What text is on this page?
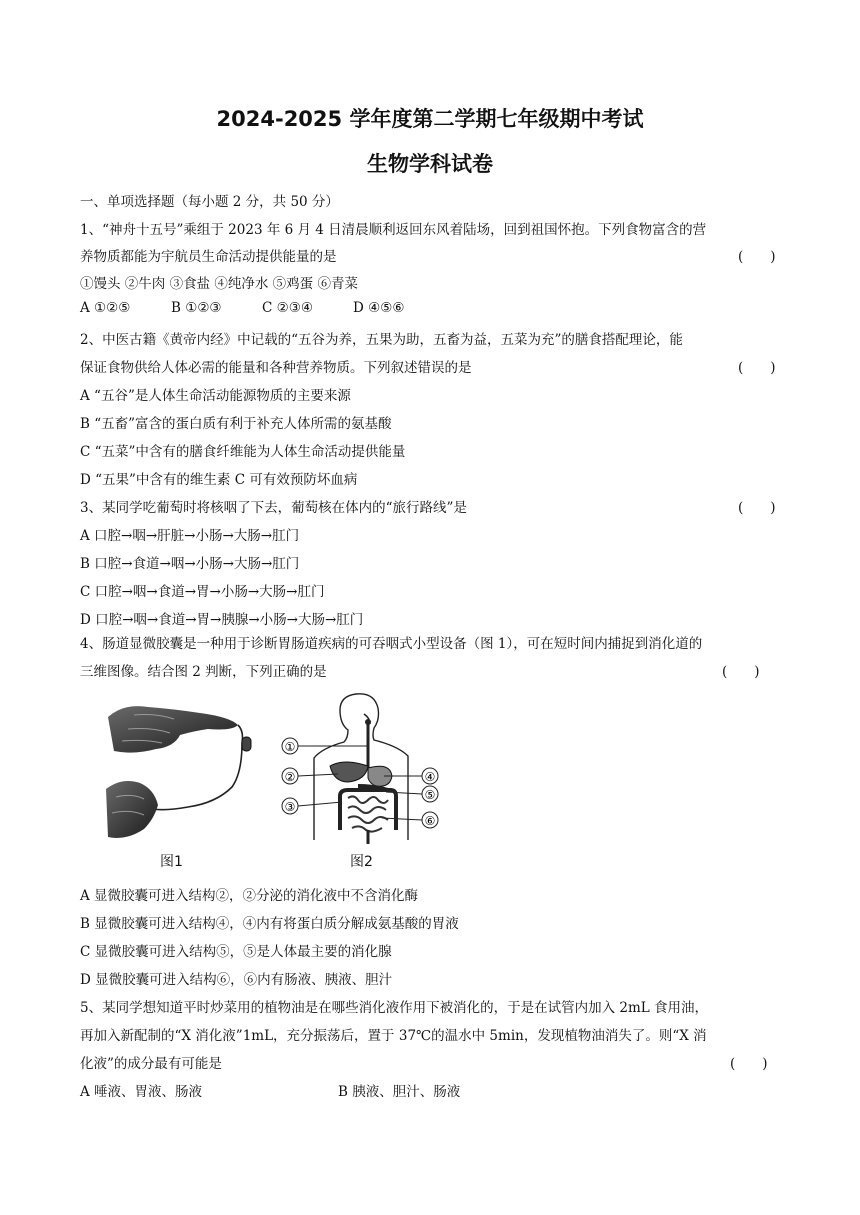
2024-2025 学年度第二学期七年级期中考试
生物学科试卷
一、单项选择题（每小题 2 分，共 50 分）
1、“神舟十五号”乘组于 2023 年 6 月 4 日清晨顺利返回东风着陆场，回到祖国怀抱。下列食物富含的营
养物质都能为宇航员生命活动提供能量的是	(　　)
①馒头 ②牛肉 ③食盐 ④纯净水 ⑤鸡蛋 ⑥青菜
A ①②⑤	B ①②③	C ②③④	D ④⑤⑥
2、中医古籍《黄帝内经》中记载的“五谷为养，五果为助，五畜为益，五菜为充”的膳食搭配理论，能
保证食物供给人体必需的能量和各种营养物质。下列叙述错误的是	(　　)
A “五谷”是人体生命活动能源物质的主要来源
B “五畜”富含的蛋白质有利于补充人体所需的氨基酸
C “五菜”中含有的膳食纤维能为人体生命活动提供能量
D “五果”中含有的维生素 C 可有效预防坏血病
3、某同学吃葡萄时将核咽了下去，葡萄核在体内的“旅行路线”是	(　　)
A 口腔→咽→肝脏→小肠→大肠→肛门
B 口腔→食道→咽→小肠→大肠→肛门
C 口腔→咽→食道→胃→小肠→大肠→肛门
D 口腔→咽→食道→胃→胰腺→小肠→大肠→肛门
4、肠道显微胶囊是一种用于诊断胃肠道疾病的可吞咽式小型设备（图 1），可在短时间内捕捉到消化道的
三维图像。结合图 2 判断，下列正确的是	(　　)
①
②
③
④
⑤
⑥
图1	图2
A 显微胶囊可进入结构②，②分泌的消化液中不含消化酶
B 显微胶囊可进入结构④，④内有将蛋白质分解成氨基酸的胃液
C 显微胶囊可进入结构⑤，⑤是人体最主要的消化腺
D 显微胶囊可进入结构⑥，⑥内有肠液、胰液、胆汁
5、某同学想知道平时炒菜用的植物油是在哪些消化液作用下被消化的，于是在试管内加入 2mL 食用油，
再加入新配制的“X 消化液”1mL，充分振荡后，置于 37℃的温水中 5min，发现植物油消失了。则“X 消
化液”的成分最有可能是	(　　)
A 唾液、胃液、肠液	B 胰液、胆汁、肠液
